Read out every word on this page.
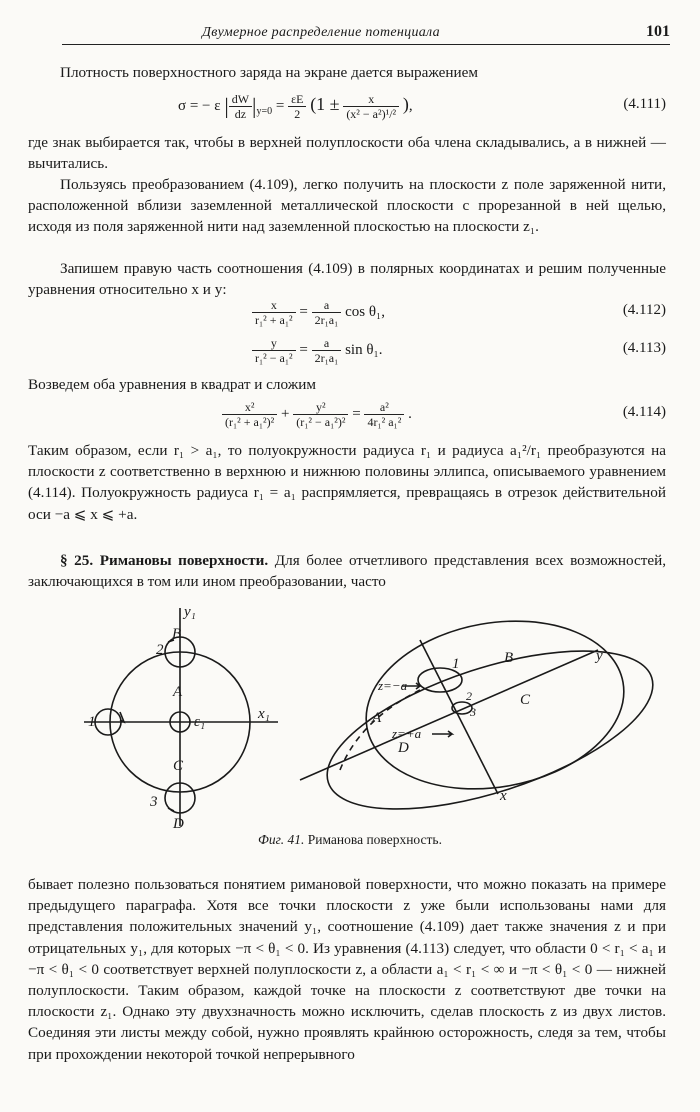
Двумерное распределение потенциала	101
Плотность поверхностного заряда на экране дается выражением
σ = − ε | $\frac{dW}{dz} |_{y=0} = \frac{\varepsilon E}{2} (1 \pm \frac{x}{\text{(x² − a²)¹/²}}$ ),	(4.111)
где знак выбирается так, чтобы в верхней полуплоскости оба члена складывались, а в нижней — вычитались.
Пользуясь преобразованием (4.109), легко получить на плоскости z поле заряженной нити, расположенной вблизи заземленной металлической плоскости с прорезанной в ней щелью, исходя из поля заряженной нити над заземленной плоскостью на плоскости z₁.
Запишем правую часть соотношения (4.109) в полярных координатах и решим полученные уравнения относительно x и y:
$\frac{x}{\text{r₁² + a₁²}} = \frac{a}{\text{2r₁a₁}}$ cos θ₁,	(4.112)
$\frac{y}{\text{r₁² − a₁²}} = \frac{a}{\text{2r₁a₁}}$ sin θ₁.	(4.113)
Возведем оба уравнения в квадрат и сложим
$\frac{\text{x²}}{\text{(r₁² + a₁²)²}} + \frac{\text{y²}}{\text{(r₁² − a₁²)²}} = \frac{\text{a²}}{\text{4r₁² a₁²}}$ .	(4.114)
Таким образом, если r₁ > a₁, то полуокружности радиуса r₁ и радиуса a₁²/r₁ преобразуются на плоскости z соответственно в верхнюю и нижнюю половины эллипса, описываемого уравнением (4.114). Полуокружность радиуса r₁ = a₁ распрямляется, превращаясь в отрезок действительной оси −a ⩽ x ⩽ +a.
§ 25. Римановы поверхности. Для более отчетливого представления всех возможностей, заключающихся в том или ином преобразовании, часто
y₁
x₁
B
A
C
D
ε₁
1
2
3
y
x
1
2
3
z=−a
z=+a
A
B
C
D
Фиг. 41. Риманова поверхность.
бывает полезно пользоваться понятием римановой поверхности, что можно показать на примере предыдущего параграфа. Хотя все точки плоскости z уже были использованы нами для представления положительных значений y₁, соотношение (4.109) дает также значения z и при отрицательных y₁, для которых −π < θ₁ < 0. Из уравнения (4.113) следует, что области 0 < r₁ < a₁ и −π < θ₁ < 0 соответствует верхней полуплоскости z, а области a₁ < r₁ < ∞ и −π < θ₁ < 0 — нижней полуплоскости. Таким образом, каждой точке на плоскости z соответствуют две точки на плоскости z₁. Однако эту двухзначность можно исключить, сделав плоскость z из двух листов. Соединяя эти листы между собой, нужно проявлять крайнюю осторожность, следя за тем, чтобы при прохождении некоторой точкой непрерывного
